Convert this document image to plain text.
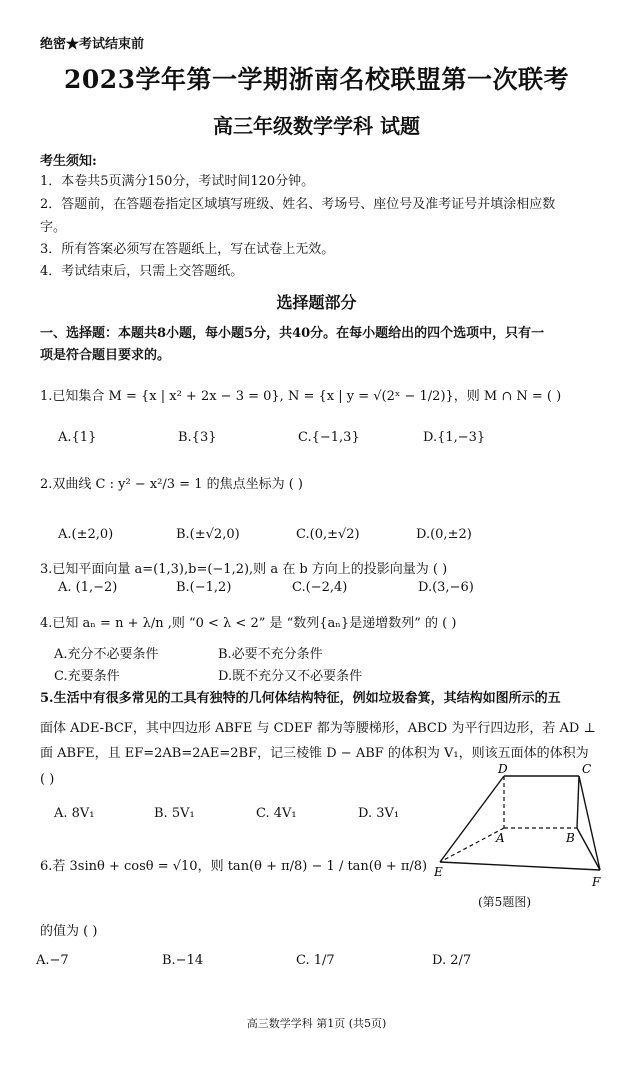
绝密★考试结束前
2023学年第一学期浙南名校联盟第一次联考
高三年级数学学科 试题
考生须知:
1．本卷共5页满分150分，考试时间120分钟。
2．答题前，在答题卷指定区域填写班级、姓名、考场号、座位号及准考证号并填涂相应数
字。
3．所有答案必须写在答题纸上，写在试卷上无效。
4．考试结束后，只需上交答题纸。
选择题部分
一、选择题：本题共8小题，每小题5分，共40分。在每小题给出的四个选项中，只有一
项是符合题目要求的。
1.已知集合 M = {x | x² + 2x − 3 = 0}, N = {x | y = √(2ˣ − 1/2)}，则 M ∩ N = ( )
A.{1}	B.{3}	C.{−1,3}	D.{1,−3}
2.双曲线 C : y² − x²/3 = 1 的焦点坐标为 ( )
A.(±2,0)	B.(±√2,0)	C.(0,±√2)	D.(0,±2)
3.已知平面向量 a=(1,3),b=(−1,2),则 a 在 b 方向上的投影向量为 ( )
A. (1,−2)	B.(−1,2)	C.(−2,4)	D.(3,−6)
4.已知 aₙ = n + λ/n ,则 “0 < λ < 2” 是 “数列{aₙ}是递增数列” 的 ( )
A.充分不必要条件	B.必要不充分条件
C.充要条件	D.既不充分又不必要条件
5.生活中有很多常见的工具有独特的几何体结构特征，例如垃圾畚箕，其结构如图所示的五
面体 ADE-BCF，其中四边形 ABFE 与 CDEF 都为等腰梯形，ABCD 为平行四边形，若 AD ⊥
面 ABFE，且 EF=2AB=2AE=2BF，记三棱锥 D − ABF 的体积为 V₁，则该五面体的体积为
( )
A. 8V₁	B. 5V₁	C. 4V₁	D. 3V₁
D	C
A	B
E
F
(第5题图)
6.若 3sinθ + cosθ = √10，则 tan(θ + π/8) − 1 / tan(θ + π/8)
的值为 ( )
A.−7	B.−14	C. 1/7	D. 2/7
高三数学学科 第1页 (共5页)
